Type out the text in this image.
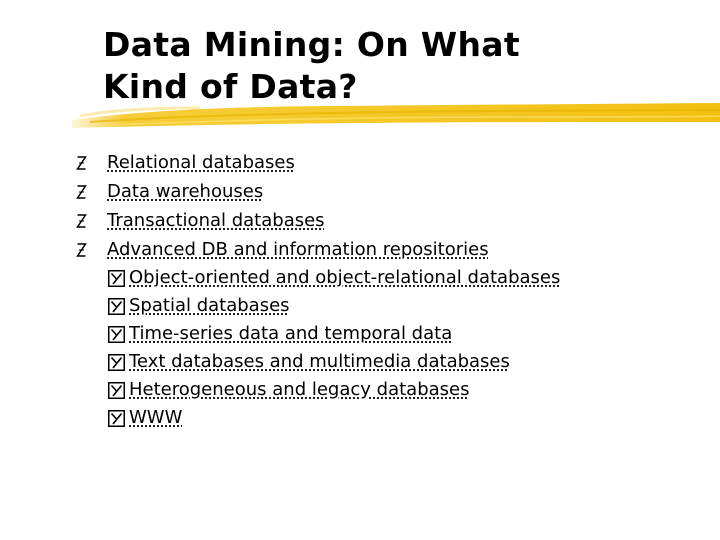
Data Mining: On What
Kind of Data?
Relational databases
Data warehouses
Transactional databases
Advanced DB and information repositories
Object-oriented and object-relational databases
Spatial databases
Time-series data and temporal data
Text databases and multimedia databases
Heterogeneous and legacy databases
WWW
